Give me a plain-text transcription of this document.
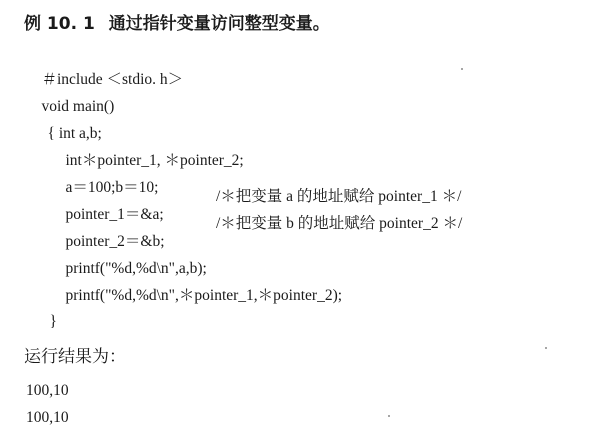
例 10. 1 通过指针变量访问整型变量。

＃include ＜stdio. h＞

void main()

{ int a,b;

int＊pointer_1, ＊pointer_2;

a＝100;b＝10;

pointer_1＝&a;

/＊把变量 a 的地址赋给 pointer_1 ＊/

pointer_2＝&b;

/＊把变量 b 的地址赋给 pointer_2 ＊/

printf("%d,%d\n",a,b);

printf("%d,%d\n",＊pointer_1,＊pointer_2);

}

运行结果为：
100,10
100,10
